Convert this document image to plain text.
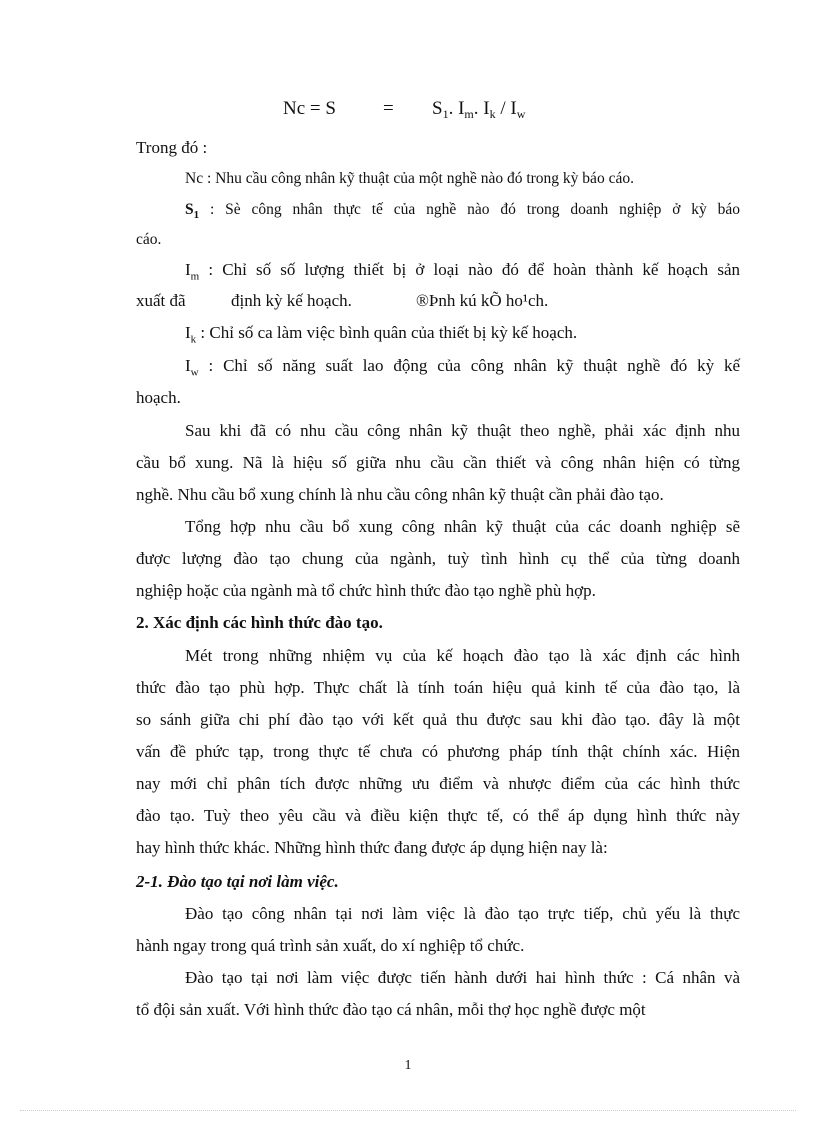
$Nc = S = S_1$. $I_m$. $I_k / I_w$
Trong đó :
Nc : Nhu cầu công nhân kỹ thuật của một nghề nào đó trong kỳ báo cáo.
$S_1$ : Sè công nhân thực tế của nghề nào đó trong doanh nghiệp ở kỳ báo
cáo.
$I_m$ : Chỉ số số lượng thiết bị ở loại nào đó để hoàn thành kế hoạch sản
xuất đã	định kỳ kế hoạch.	®Þnh kú kÕ ho¹ch.
$I_k$ : Chỉ số ca làm việc bình quân của thiết bị kỳ kế hoạch.
$I_w$ : Chỉ số năng suất lao động của công nhân kỹ thuật nghề đó kỳ kế
hoạch.
Sau khi đã có nhu cầu công nhân kỹ thuật theo nghề, phải xác định nhu
cầu bổ xung. Nã là hiệu số giữa nhu cầu cần thiết và công nhân hiện có từng
nghề. Nhu cầu bổ xung chính là nhu cầu công nhân kỹ thuật cần phải đào tạo.
Tổng hợp nhu cầu bổ xung công nhân kỹ thuật của các doanh nghiệp sẽ
được lượng đào tạo chung của ngành, tuỳ tình hình cụ thể của từng doanh
nghiệp hoặc của ngành mà tổ chức hình thức đào tạo nghề phù hợp.
2. Xác định các hình thức đào tạo.
Mét trong những nhiệm vụ của kế hoạch đào tạo là xác định các hình
thức đào tạo phù hợp. Thực chất là tính toán hiệu quả kinh tế của đào tạo, là
so sánh giữa chi phí đào tạo với kết quả thu được sau khi đào tạo. đây là một
vấn đề phức tạp, trong thực tế chưa có phương pháp tính thật chính xác. Hiện
nay mới chỉ phân tích được những ưu điểm và nhược điểm của các hình thức
đào tạo. Tuỳ theo yêu cầu và điều kiện thực tế, có thể áp dụng hình thức này
hay hình thức khác. Những hình thức đang được áp dụng hiện nay là:
2-1. Đào tạo tại nơi làm việc.
Đào tạo công nhân tại nơi làm việc là đào tạo trực tiếp, chủ yếu là thực
hành ngay trong quá trình sản xuất, do xí nghiệp tổ chức.
Đào tạo tại nơi làm việc được tiến hành dưới hai hình thức : Cá nhân và
tổ đội sản xuất. Với hình thức đào tạo cá nhân, mỗi thợ học nghề được một
1
